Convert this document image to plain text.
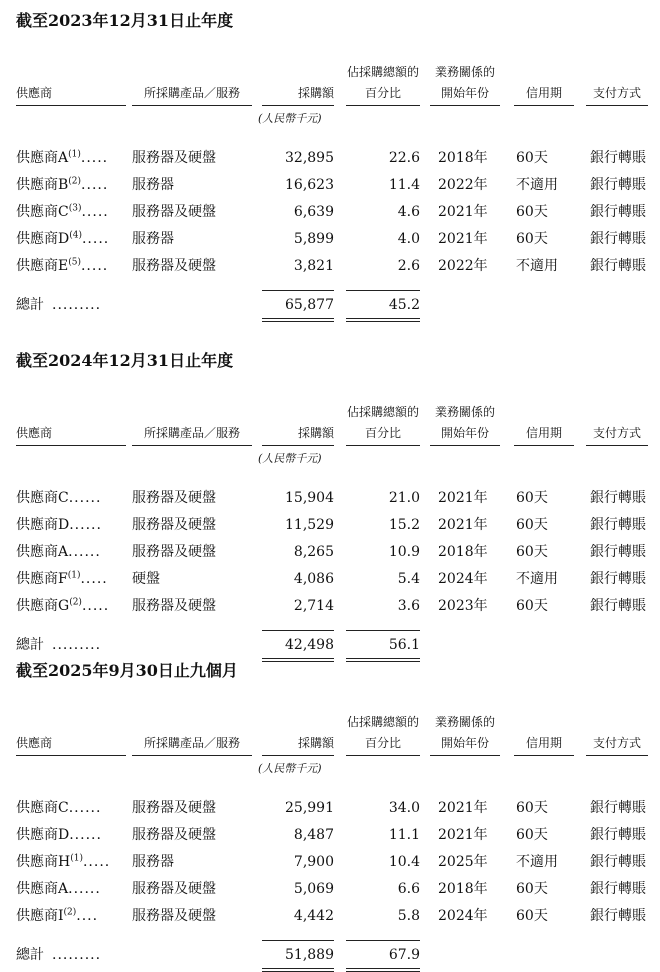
截至2023年12月31日止年度
供應商	所採購產品／服務	採購額
佔採購總額的
百分比
業務關係的
開始年份	信用期	支付方式
(人民幣千元)
供應商$A^{(1)}$..... 服務器及硬盤	32,895	22.6 2018年 60天	銀行轉賬
供應商$B^{(2)}$..... 服務器	16,623	11.4 2022年 不適用 銀行轉賬
供應商$C^{(3)}$..... 服務器及硬盤	6,639	4.6 2021年 60天	銀行轉賬
供應商$D^{(4)}$..... 服務器	5,899	4.0 2021年 60天	銀行轉賬
供應商$E^{(5)}$..... 服務器及硬盤	3,821	2.6 2022年 不適用 銀行轉賬
總計 .........	65,877	45.2
截至2024年12月31日止年度
供應商	所採購產品／服務	採購額
佔採購總額的
百分比
業務關係的
開始年份	信用期	支付方式
(人民幣千元)
供應商C...... 服務器及硬盤	15,904	21.0 2021年 60天	銀行轉賬
供應商D...... 服務器及硬盤	11,529	15.2 2021年 60天	銀行轉賬
供應商A...... 服務器及硬盤	8,265	10.9 2018年 60天	銀行轉賬
供應商$F^{(1)}$..... 硬盤	4,086	5.4 2024年 不適用 銀行轉賬
供應商$G^{(2)}$..... 服務器及硬盤	2,714	3.6 2023年 60天	銀行轉賬
總計 .........	42,498	56.1
截至2025年9月30日止九個月
供應商	所採購產品／服務	採購額
佔採購總額的
百分比
業務關係的
開始年份	信用期	支付方式
(人民幣千元)
供應商C...... 服務器及硬盤	25,991	34.0 2021年 60天	銀行轉賬
供應商D...... 服務器及硬盤	8,487	11.1 2021年 60天	銀行轉賬
供應商$H^{(1)}$..... 服務器	7,900	10.4 2025年 不適用 銀行轉賬
供應商A...... 服務器及硬盤	5,069	6.6 2018年 60天	銀行轉賬
供應商$I^{(2)}$.... 服務器及硬盤	4,442	5.8 2024年 60天	銀行轉賬
總計 .........	51,889	67.9
